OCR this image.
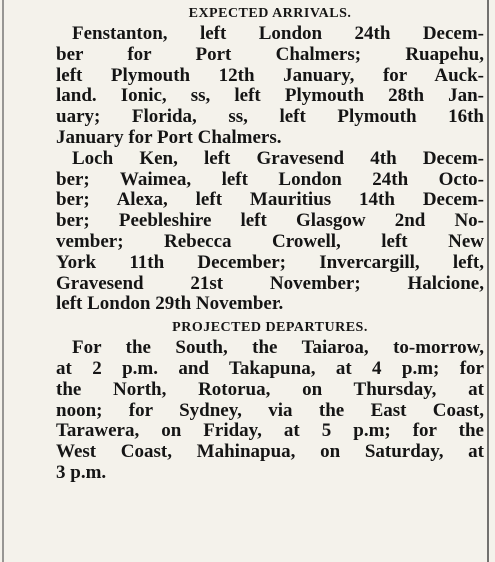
EXPECTED ARRIVALS.
Fenstanton, left London 24th Decem-
ber for Port Chalmers; Ruapehu,
left Plymouth 12th January, for Auck-
land. Ionic, ss, left Plymouth 28th Jan-
uary; Florida, ss, left Plymouth 16th
January for Port Chalmers.
Loch Ken, left Gravesend 4th Decem-
ber; Waimea, left London 24th Octo-
ber; Alexa, left Mauritius 14th Decem-
ber; Peebleshire left Glasgow 2nd No-
vember; Rebecca Crowell, left New
York 11th December; Invercargill, left,
Gravesend 21st November; Halcione,
left London 29th November.
PROJECTED DEPARTURES.
For the South, the Taiaroa, to-morrow,
at 2 p.m. and Takapuna, at 4 p.m; for
the North, Rotorua, on Thursday, at
noon; for Sydney, via the East Coast,
Tarawera, on Friday, at 5 p.m; for the
West Coast, Mahinapua, on Saturday, at
3 p.m.
